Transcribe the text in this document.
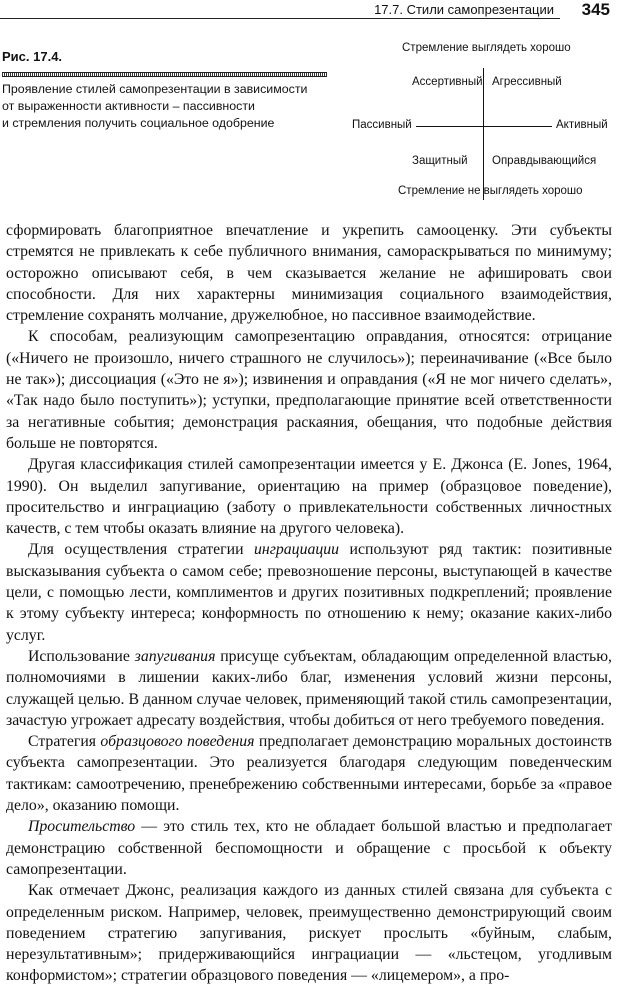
17.7. Стили самопрезентации 345
Рис. 17.4.
Проявление стилей самопрезентации в зависимости
от выраженности активности – пассивности
и стремления получить социальное одобрение
Стремление выглядеть хорошо
Ассертивный Агрессивный
Пассивный	Активный
Защитный Оправдывающийся
Стремление не выглядеть хорошо

сформировать благоприятное впечатление и укрепить самооценку. Эти субъекты стремятся не привлекать к себе публичного внимания, самораскрываться по минимуму; осторожно описывают себя, в чем сказывается желание не афишировать свои способности. Для них характерны минимизация социального взаимодействия, стремление сохранять молчание, дружелюбное, но пассивное взаимодействие.

К способам, реализующим самопрезентацию оправдания, относятся: отрицание («Ничего не произошло, ничего страшного не случилось»); переиначивание («Все было не так»); диссоциация («Это не я»); извинения и оправдания («Я не мог ничего сделать», «Так надо было поступить»); уступки, предполагающие принятие всей ответственности за негативные события; демонстрация раскаяния, обещания, что подобные действия больше не повторятся.

Другая классификация стилей самопрезентации имеется у Е. Джонса (E. Jones, 1964, 1990). Он выделил запугивание, ориентацию на пример (образцовое поведение), просительство и инграциацию (заботу о привлекательности собственных личностных качеств, с тем чтобы оказать влияние на другого человека).

Для осуществления стратегии инграциации используют ряд тактик: позитивные высказывания субъекта о самом себе; превозношение персоны, выступающей в качестве цели, с помощью лести, комплиментов и других позитивных подкреплений; проявление к этому субъекту интереса; конформность по отношению к нему; оказание каких-либо услуг.

Использование запугивания присуще субъектам, обладающим определенной властью, полномочиями в лишении каких-либо благ, изменения условий жизни персоны, служащей целью. В данном случае человек, применяющий такой стиль самопрезентации, зачастую угрожает адресату воздействия, чтобы добиться от него требуемого поведения.

Стратегия образцового поведения предполагает демонстрацию моральных достоинств субъекта самопрезентации. Это реализуется благодаря следующим поведенческим тактикам: самоотречению, пренебрежению собственными интересами, борьбе за «правое дело», оказанию помощи.

Просительство — это стиль тех, кто не обладает большой властью и предполагает демонстрацию собственной беспомощности и обращение с просьбой к объекту самопрезентации.

Как отмечает Джонс, реализация каждого из данных стилей связана для субъекта с определенным риском. Например, человек, преимущественно демонстрирующий своим поведением стратегию запугивания, рискует прослыть «буйным, слабым, нерезультативным»; придерживающийся инграциации — «льстецом, угодливым конформистом»; стратегии образцового поведения — «лицемером», а про-
